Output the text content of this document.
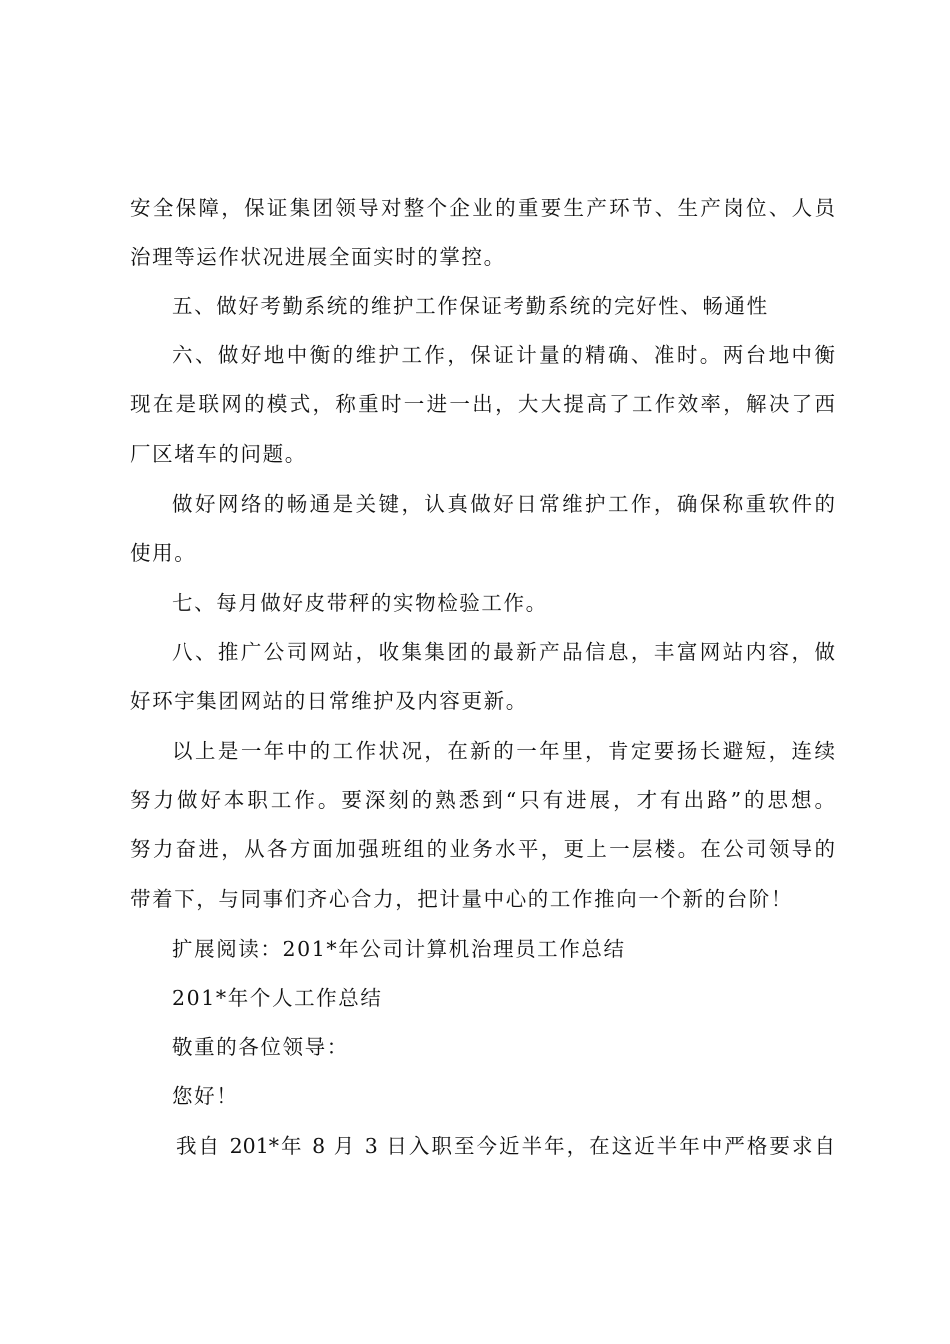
安全保障，保证集团领导对整个企业的重要生产环节、生产岗位、人员
治理等运作状况进展全面实时的掌控。
五、做好考勤系统的维护工作保证考勤系统的完好性、畅通性
六、做好地中衡的维护工作，保证计量的精确、准时。两台地中衡
现在是联网的模式，称重时一进一出，大大提高了工作效率，解决了西
厂区堵车的问题。
做好网络的畅通是关键，认真做好日常维护工作，确保称重软件的
使用。
七、每月做好皮带秤的实物检验工作。
八、推广公司网站，收集集团的最新产品信息，丰富网站内容，做
好环宇集团网站的日常维护及内容更新。
以上是一年中的工作状况，在新的一年里，肯定要扬长避短，连续
努力做好本职工作。要深刻的熟悉到“只有进展，才有出路”的思想。
努力奋进，从各方面加强班组的业务水平，更上一层楼。在公司领导的
带着下，与同事们齐心合力，把计量中心的工作推向一个新的台阶！
扩展阅读：201*年公司计算机治理员工作总结
201*年个人工作总结
敬重的各位领导：
您好！
我自 201*年 8 月 3 日入职至今近半年，在这近半年中严格要求自
